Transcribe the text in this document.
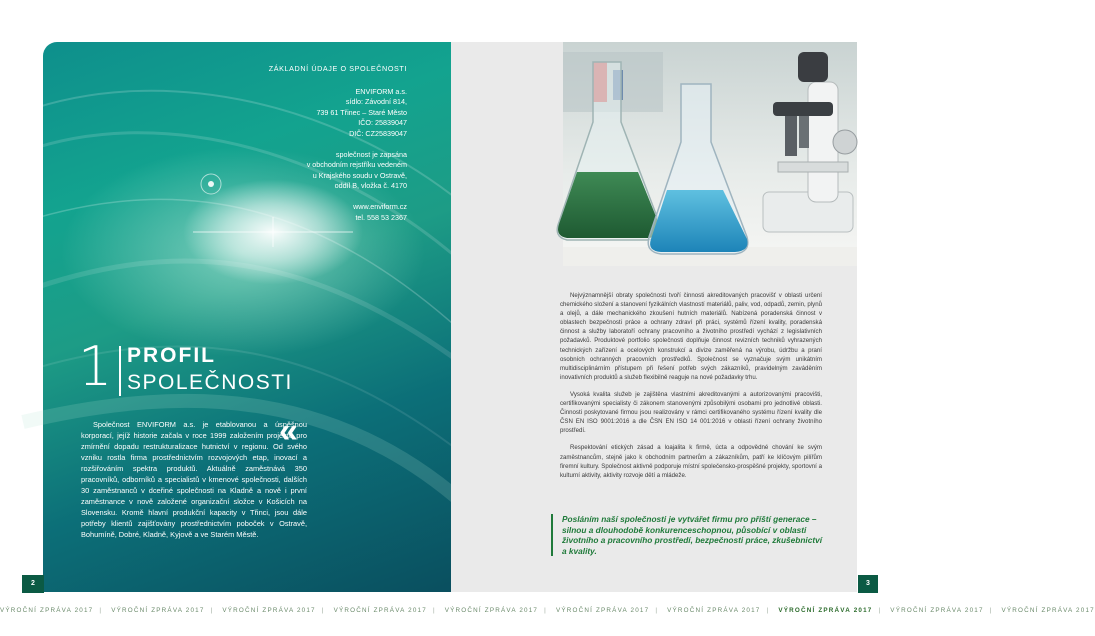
ZÁKLADNÍ ÚDAJE O SPOLEČNOSTI
ENVIFORM a.s.
sídlo: Závodní 814,
739 61 Třinec – Staré Město
IČO: 25839047
DIČ: CZ25839047
společnost je zapsána
v obchodním rejstříku vedeném
u Krajského soudu v Ostravě,
oddíl B, vložka č. 4170
www.enviform.cz
tel. 558 53 2367
1 PROFIL
SPOLEČNOSTI
Společnost ENVIFORM a.s. je etablovanou a úspěšnou korporací, jejíž historie začala v roce 1999 založením projektu pro zmírnění dopadu restrukturalizace hutnictví v regionu. Od svého vzniku rostla firma prostřednictvím rozvojových etap, inovací a rozšiřováním spektra produktů. Aktuálně zaměstnává 350 pracovníků, odborníků a specialistů v kmenové společnosti, dalších 30 zaměstnanců v dceřiné společnosti na Kladně a nově i první zaměstnance v nově založené organizační složce v Košicích na Slovensku. Kromě hlavní produkční kapacity v Třinci, jsou dále potřeby klientů zajišťovány prostřednictvím poboček v Ostravě, Bohumíně, Dobré, Kladně, Kyjově a ve Starém Městě.
«
2

Nejvýznamnější obraty společnosti tvoří činnosti akreditovaných pracovišť v oblasti určení chemického složení a stanovení fyzikálních vlastností materiálů, paliv, vod, odpadů, zemin, plynů a olejů, a dále mechanického zkoušení hutních materiálů. Nabízená poradenská činnost v oblastech bezpečnosti práce a ochrany zdraví při práci, systémů řízení kvality, poradenská činnost a služby laboratoří ochrany pracovního a životního prostředí vychází z legislativních požadavků. Produktové portfolio společnosti doplňuje činnost revizních techniků vyhrazených technických zařízení a ocelových konstrukcí a divize zaměřená na výrobu, údržbu a praní osobních ochranných pracovních prostředků. Společnost se vyznačuje svým unikátním multidisciplinárním přístupem při řešení potřeb svých zákazníků, pravidelným zaváděním inovativních produktů a služeb flexibilně reaguje na nové požadavky trhu.

Vysoká kvalita služeb je zajištěna vlastními akreditovanými a autorizovanými pracovišti, certifikovanými specialisty či zákonem stanovenými způsobilými osobami pro jednotlivé oblasti. Činnosti poskytované firmou jsou realizovány v rámci certifikovaného systému řízení kvality dle ČSN EN ISO 9001:2016 a dle ČSN EN ISO 14 001:2016 v oblasti řízení ochrany životního prostředí.

Respektování etických zásad a loajalita k firmě, úcta a odpovědné chování ke svým zaměstnancům, stejně jako k obchodním partnerům a zákazníkům, patří ke klíčovým pilířům firemní kultury. Společnost aktivně podporuje místní společensko-prospěšné projekty, sportovní a kulturní aktivity, aktivity rozvoje dětí a mládeže.

Posláním naší společnosti je vytvářet firmu pro příští generace – silnou a dlouhodobě konkurenceschopnou, působící v oblasti životního a pracovního prostředí, bezpečnosti práce, zkušebnictví a kvality.
3
VÝROČNÍ ZPRÁVA 2017 | VÝROČNÍ ZPRÁVA 2017 | VÝROČNÍ ZPRÁVA 2017 | VÝROČNÍ ZPRÁVA 2017 | VÝROČNÍ ZPRÁVA 2017 | VÝROČNÍ ZPRÁVA 2017 | VÝROČNÍ ZPRÁVA 2017 | VÝROČNÍ ZPRÁVA 2017 | VÝROČNÍ ZPRÁVA 2017 | VÝROČNÍ ZPRÁVA 2017
